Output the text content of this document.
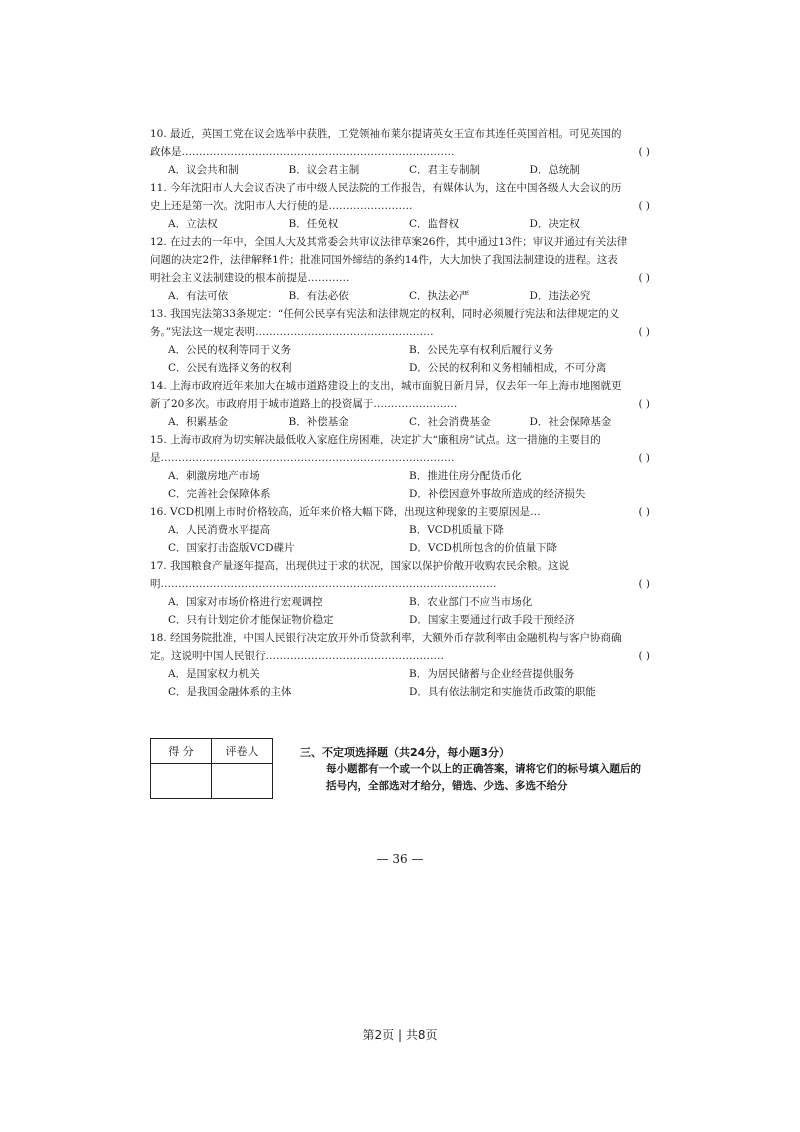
10. 最近，英国工党在议会选举中获胜，工党领袖布莱尔提请英女王宣布其连任英国首相。可见英国的政体是……………………………………………………………………	( )
A．议会共和制	B．议会君主制	C．君主专制制	D．总统制
11. 今年沈阳市人大会议否决了市中级人民法院的工作报告，有媒体认为，这在中国各级人大会议的历史上还是第一次。沈阳市人大行使的是……………………	( )
A．立法权	B．任免权	C．监督权	D．决定权
12. 在过去的一年中，全国人大及其常委会共审议法律草案26件，其中通过13件；审议并通过有关法律问题的决定2件，法律解释1件；批准同国外缔结的条约14件，大大加快了我国法制建设的进程。这表明社会主义法制建设的根本前提是…………	( )
A．有法可依	B．有法必依	C．执法必严	D．违法必究
13. 我国宪法第33条规定：“任何公民享有宪法和法律规定的权利，同时必须履行宪法和法律规定的义务。”宪法这一规定表明……………………………………………	( )
A．公民的权利等同于义务	B．公民先享有权利后履行义务
C．公民有选择义务的权利	D．公民的权利和义务相辅相成，不可分离
14. 上海市政府近年来加大在城市道路建设上的支出，城市面貌日新月异，仅去年一年上海市地图就更新了20多次。市政府用于城市道路上的投资属于……………………	( )
A．积累基金	B．补偿基金	C．社会消费基金	D．社会保障基金
15. 上海市政府为切实解决最低收入家庭住房困难，决定扩大“廉租房”试点。这一措施的主要目的是…………………………………………………………………………	( )
A．刺激房地产市场	B．推进住房分配货币化
C．完善社会保障体系	D．补偿因意外事故所造成的经济损失
16. VCD机刚上市时价格较高，近年来价格大幅下降，出现这种现象的主要原因是…	( )
A．人民消费水平提高	B．VCD机质量下降
C．国家打击盗版VCD碟片	D．VCD机所包含的价值量下降
17. 我国粮食产量逐年提高，出现供过于求的状况，国家以保护价敞开收购农民余粮。这说明……………………………………………………………………………………	( )
A．国家对市场价格进行宏观调控	B．农业部门不应当市场化
C．只有计划定价才能保证物价稳定	D．国家主要通过行政手段干预经济
18. 经国务院批准，中国人民银行决定放开外币贷款利率，大额外币存款利率由金融机构与客户协商确定。这说明中国人民银行……………………………………………	( )
A．是国家权力机关	B．为居民储蓄与企业经营提供服务
C．是我国金融体系的主体	D．具有依法制定和实施货币政策的职能
得 分	评卷人
		三、不定项选择题（共24分，每小题3分）
每小题都有一个或一个以上的正确答案，请将它们的标号填入题后的括号内，全部选对才给分，错选、少选、多选不给分
— 36 —
第2页 | 共8页
